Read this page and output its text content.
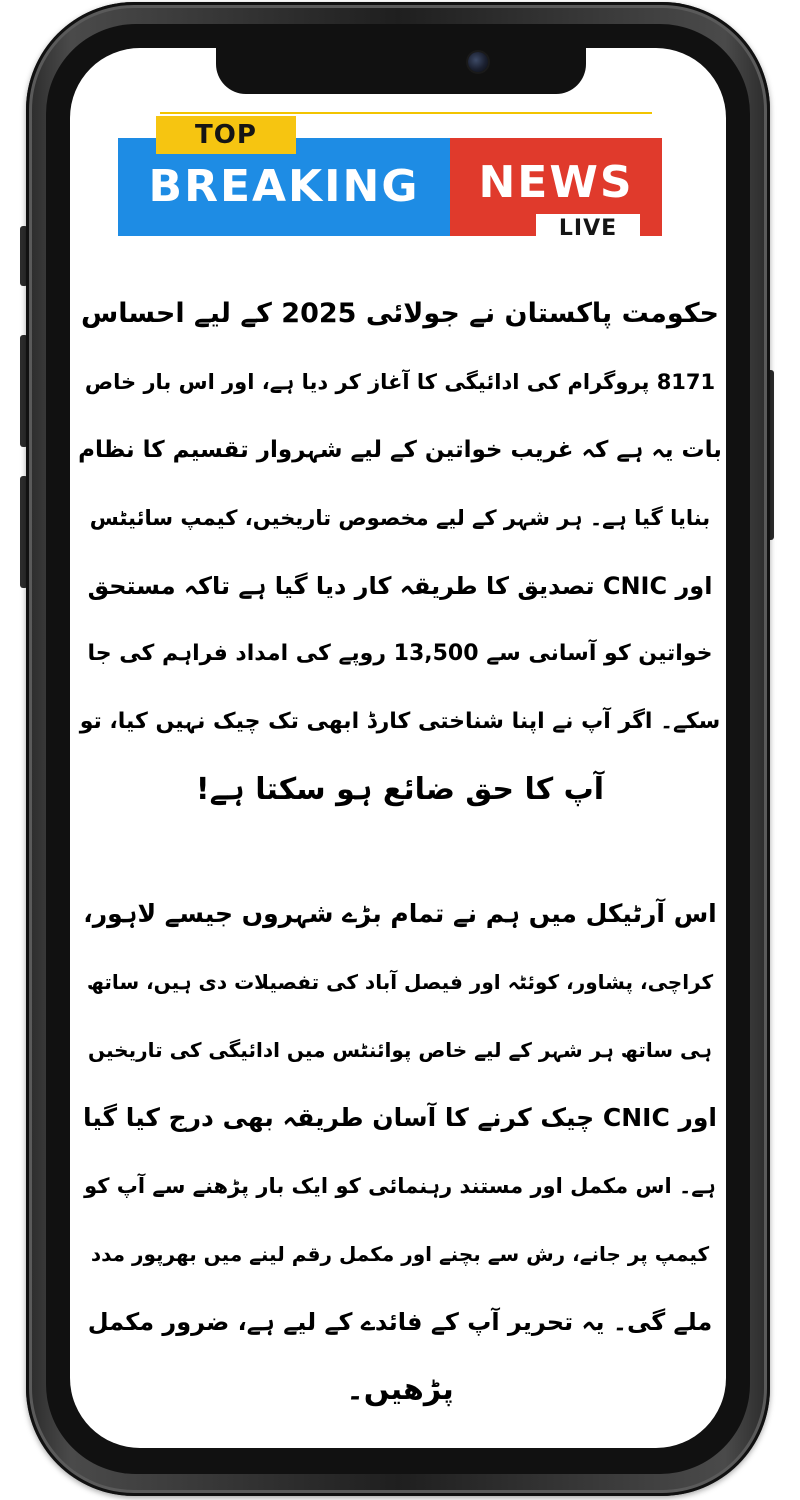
BREAKING	NEWS
TOP
LIVE
حکومت پاکستان نے جولائی 2025 کے لیے احساس
8171 پروگرام کی ادائیگی کا آغاز کر دیا ہے، اور اس بار خاص
بات یہ ہے کہ غریب خواتین کے لیے شہروار تقسیم کا نظام
بنایا گیا ہے۔ ہر شہر کے لیے مخصوص تاریخیں، کیمپ سائیٹس
اور CNIC تصدیق کا طریقہ کار دیا گیا ہے تاکہ مستحق
خواتین کو آسانی سے 13,500 روپے کی امداد فراہم کی جا
سکے۔ اگر آپ نے اپنا شناختی کارڈ ابھی تک چیک نہیں کیا، تو
آپ کا حق ضائع ہو سکتا ہے!
اس آرٹیکل میں ہم نے تمام بڑے شہروں جیسے لاہور،
کراچی، پشاور، کوئٹہ اور فیصل آباد کی تفصیلات دی ہیں، ساتھ
ہی ساتھ ہر شہر کے لیے خاص پوائنٹس میں ادائیگی کی تاریخیں
اور CNIC چیک کرنے کا آسان طریقہ بھی درج کیا گیا
ہے۔ اس مکمل اور مستند رہنمائی کو ایک بار پڑھنے سے آپ کو
کیمپ پر جانے، رش سے بچنے اور مکمل رقم لینے میں بھرپور مدد
ملے گی۔ یہ تحریر آپ کے فائدے کے لیے ہے، ضرور مکمل
پڑھیں۔
